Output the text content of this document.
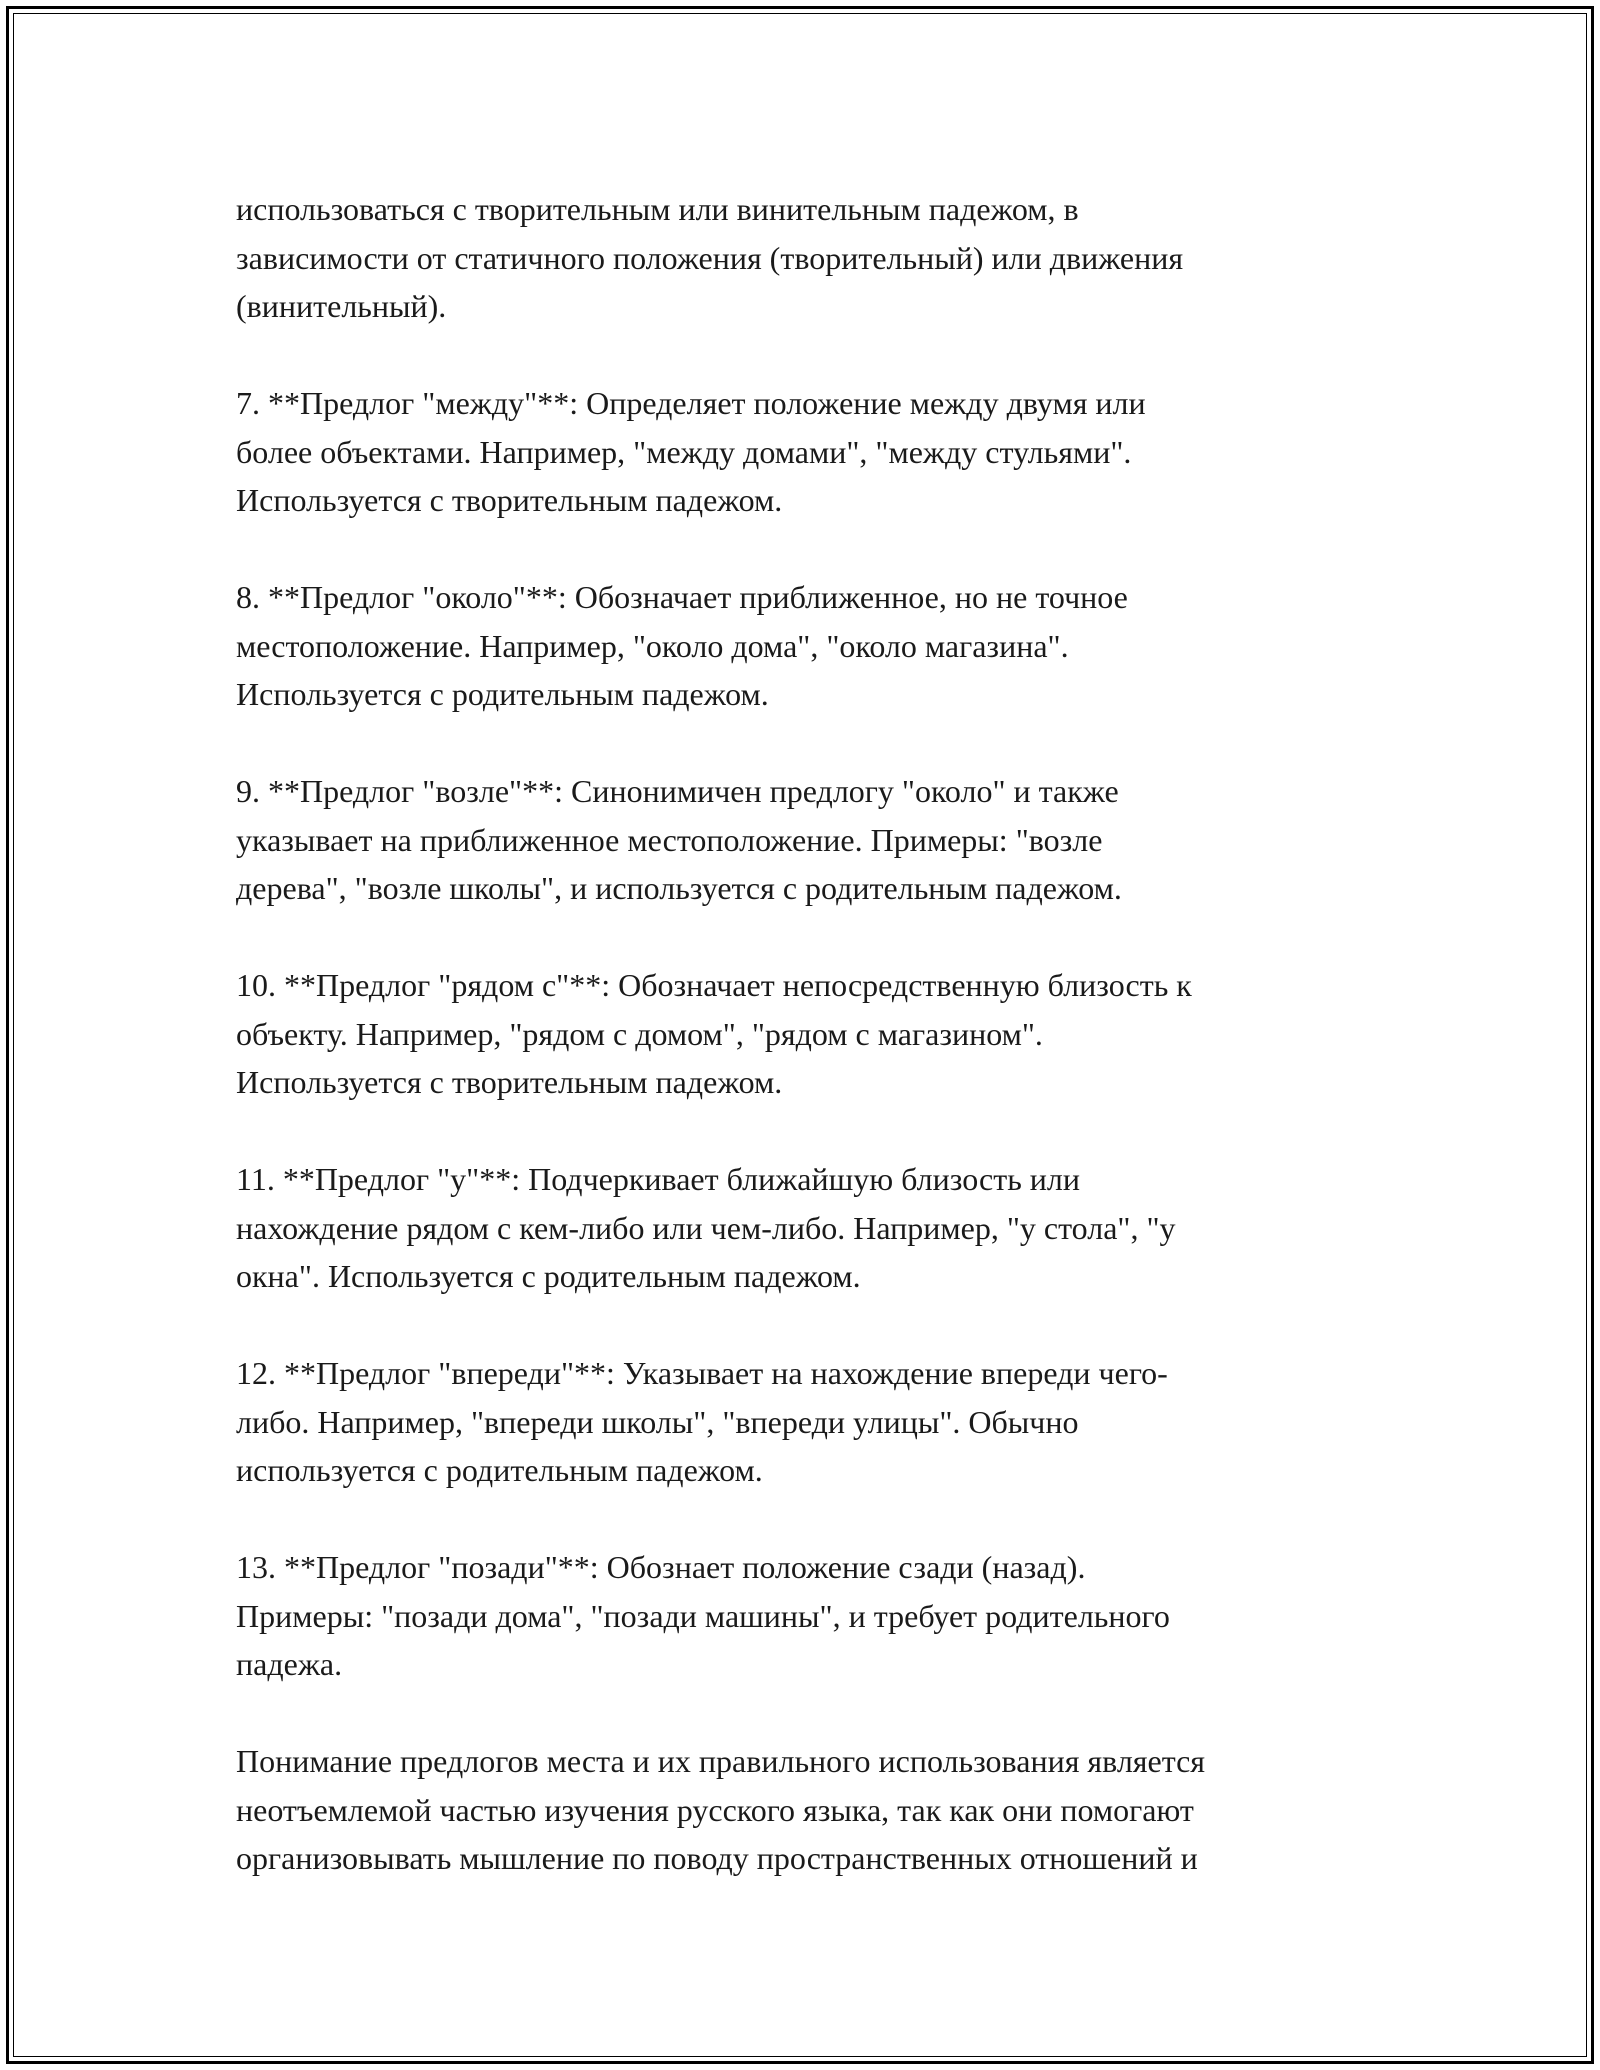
использоваться с творительным или винительным падежом, в
зависимости от статичного положения (творительный) или движения
(винительный).

7. **Предлог "между"**: Определяет положение между двумя или
более объектами. Например, "между домами", "между стульями".
Используется с творительным падежом.

8. **Предлог "около"**: Обозначает приближенное, но не точное
местоположение. Например, "около дома", "около магазина".
Используется с родительным падежом.

9. **Предлог "возле"**: Синонимичен предлогу "около" и также
указывает на приближенное местоположение. Примеры: "возле
дерева", "возле школы", и используется с родительным падежом.

10. **Предлог "рядом с"**: Обозначает непосредственную близость к
объекту. Например, "рядом с домом", "рядом с магазином".
Используется с творительным падежом.

11. **Предлог "у"**: Подчеркивает ближайшую близость или
нахождение рядом с кем-либо или чем-либо. Например, "у стола", "у
окна". Используется с родительным падежом.

12. **Предлог "впереди"**: Указывает на нахождение впереди чего-
либо. Например, "впереди школы", "впереди улицы". Обычно
используется с родительным падежом.

13. **Предлог "позади"**: Обознает положение сзади (назад).
Примеры: "позади дома", "позади машины", и требует родительного
падежа.

Понимание предлогов места и их правильного использования является
неотъемлемой частью изучения русского языка, так как они помогают
организовывать мышление по поводу пространственных отношений и
